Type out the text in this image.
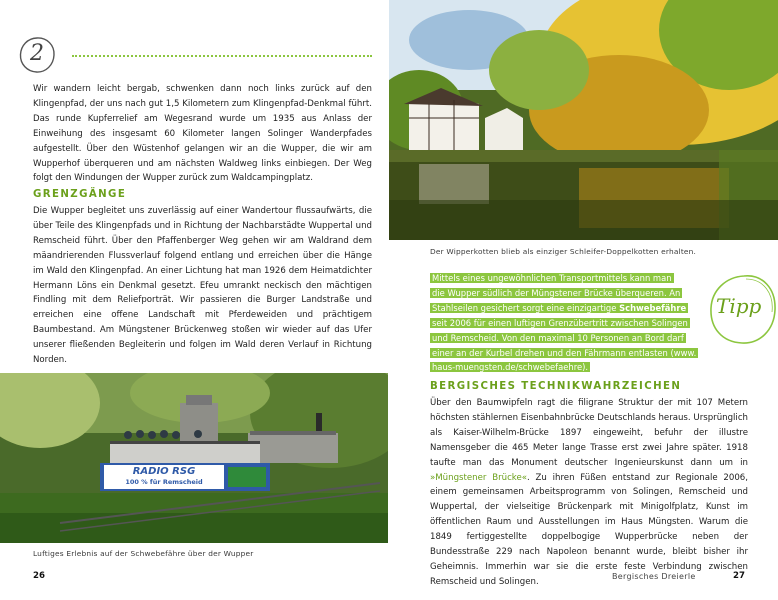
2

Wir wandern leicht bergab, schwenken dann noch links zurück auf den Klingenpfad, der uns nach gut 1,5 Kilometern zum Klingenpfad-Denkmal führt. Das runde Kupferrelief am Wegesrand wurde um 1935 aus Anlass der Einweihung des insgesamt 60 Kilometer langen Solinger Wanderpfades aufgestellt. Über den Wüstenhof gelangen wir an die Wupper, die wir am Wupperhof überqueren und am nächsten Waldweg links einbiegen. Der Weg folgt den Windungen der Wupper zurück zum Waldcampingplatz.

GRENZGÄNGE

Die Wupper begleitet uns zuverlässig auf einer Wandertour flussaufwärts, die über Teile des Klingenpfads und in Richtung der Nachbarstädte Wuppertal und Remscheid führt. Über den Pfaffenberger Weg gehen wir am Waldrand dem mäandrierenden Flussverlauf folgend entlang und erreichen über die Hänge im Wald den Klingenpfad. An einer Lichtung hat man 1926 dem Heimatdichter Hermann Löns ein Denkmal gesetzt. Efeu umrankt neckisch den mächtigen Findling mit dem Reliefporträt. Wir passieren die Burger Landstraße und erreichen eine offene Landschaft mit Pferdeweiden und prächtigem Baumbestand. Am Müngstener Brückenweg stoßen wir wieder auf das Ufer unserer fließenden Begleiterin und folgen im Wald deren Verlauf in Richtung Norden.

RADIO RSG
100 % für Remscheid
Luftiges Erlebnis auf der Schwebefähre über der Wupper
26
Der Wipperkotten blieb als einziger Schleifer-Doppelkotten erhalten.
Mittels eines ungewöhnlichen Transportmittels kann man
die Wupper südlich der Müngstener Brücke überqueren. An
Stahlseilen gesichert sorgt eine einzigartige Schwebefähre
seit 2006 für einen luftigen Grenzübertritt zwischen Solingen
und Remscheid. Von den maximal 10 Personen an Bord darf
einer an der Kurbel drehen und den Fährmann entlasten (www.
haus-muengsten.de/schwebefaehre).
Tipp
BERGISCHES TECHNIKWAHRZEICHEN

Über den Baumwipfeln ragt die filigrane Struktur der mit 107 Metern höchsten stählernen Eisenbahnbrücke Deutschlands heraus. Ursprünglich als Kaiser-Wilhelm-Brücke 1897 eingeweiht, befuhr der illustre Namensgeber die 465 Meter lange Trasse erst zwei Jahre später. 1918 taufte man das Monument deutscher Ingenieurskunst dann um in »Müngstener Brücke«. Zu ihren Füßen entstand zur Regionale 2006, einem gemeinsamen Arbeitsprogramm von Solingen, Remscheid und Wuppertal, der vielseitige Brückenpark mit Minigolfplatz, Kunst im öffentlichen Raum und Ausstellungen im Haus Müngsten. Warum die 1849 fertiggestellte doppelbogige Wupperbrücke neben der Bundesstraße 229 nach Napoleon benannt wurde, bleibt bisher ihr Geheimnis. Immerhin war sie die erste feste Verbindung zwischen Remscheid und Solingen.

Bergisches Dreierle	27
